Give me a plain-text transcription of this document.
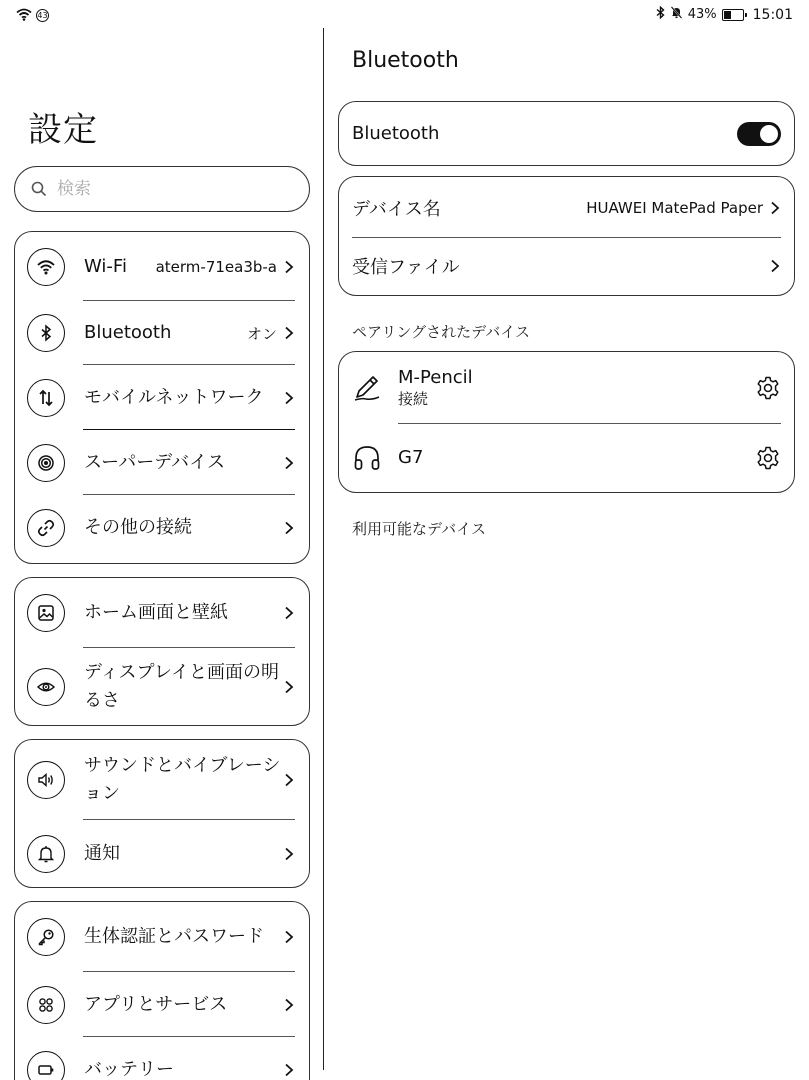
43	43%	15:01
設定
検索
Wi-Fi	aterm-71ea3b-a
Bluetooth	オン
モバイルネットワーク
スーパーデバイス
その他の接続
ホーム画面と壁紙
ディスプレイと画面の明るさ
サウンドとバイブレーション
通知
生体認証とパスワード
アプリとサービス
バッテリー
Bluetooth
Bluetooth
デバイス名	HUAWEI MatePad Paper
受信ファイル
ペアリングされたデバイス
M-Pencil
接続
G7
利用可能なデバイス
